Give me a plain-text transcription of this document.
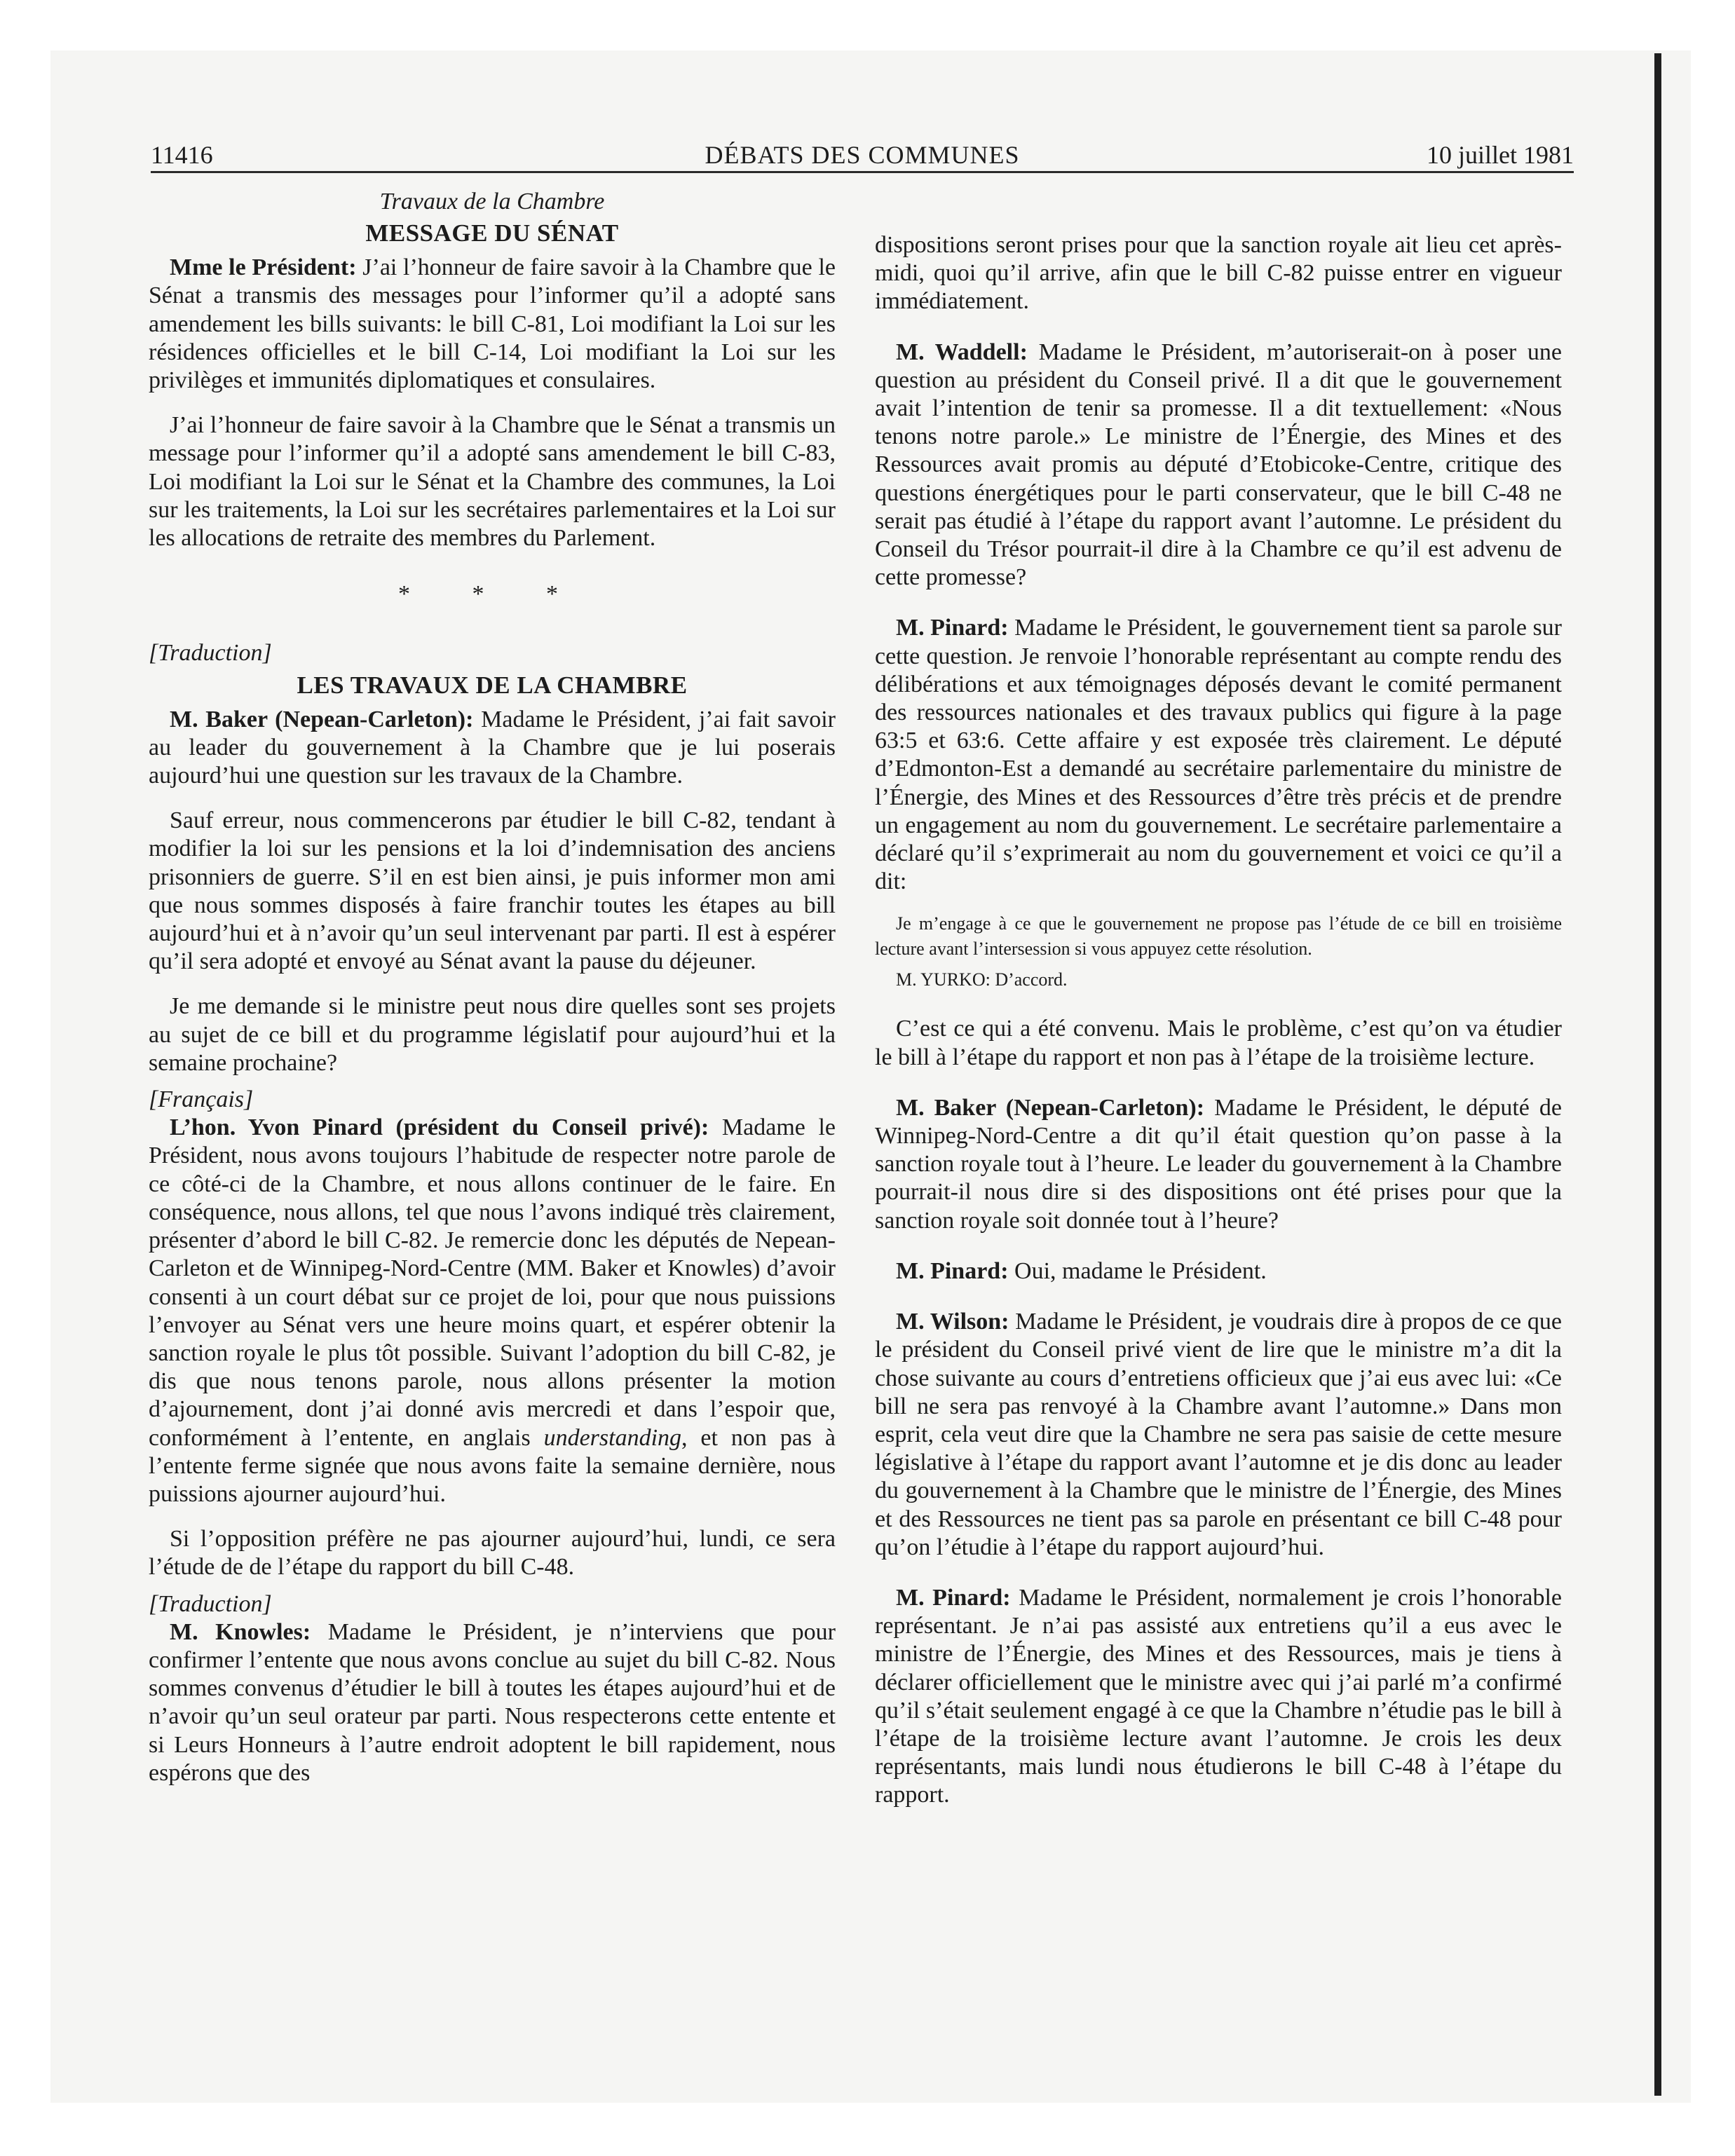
11416	DÉBATS DES COMMUNES	10 juillet 1981

Travaux de la Chambre

MESSAGE DU SÉNAT

Mme le Président: J’ai l’honneur de faire savoir à la Chambre que le Sénat a transmis des messages pour l’informer qu’il a adopté sans amendement les bills suivants: le bill C-81, Loi modifiant la Loi sur les résidences officielles et le bill C-14, Loi modifiant la Loi sur les privilèges et immunités diplomatiques et consulaires.

J’ai l’honneur de faire savoir à la Chambre que le Sénat a transmis un message pour l’informer qu’il a adopté sans amendement le bill C-83, Loi modifiant la Loi sur le Sénat et la Chambre des communes, la Loi sur les traitements, la Loi sur les secrétaires parlementaires et la Loi sur les allocations de retraite des membres du Parlement.

* * *

[Traduction]

LES TRAVAUX DE LA CHAMBRE

M. Baker (Nepean-Carleton): Madame le Président, j’ai fait savoir au leader du gouvernement à la Chambre que je lui poserais aujourd’hui une question sur les travaux de la Chambre.

Sauf erreur, nous commencerons par étudier le bill C-82, tendant à modifier la loi sur les pensions et la loi d’indemnisation des anciens prisonniers de guerre. S’il en est bien ainsi, je puis informer mon ami que nous sommes disposés à faire franchir toutes les étapes au bill aujourd’hui et à n’avoir qu’un seul intervenant par parti. Il est à espérer qu’il sera adopté et envoyé au Sénat avant la pause du déjeuner.

Je me demande si le ministre peut nous dire quelles sont ses projets au sujet de ce bill et du programme législatif pour aujourd’hui et la semaine prochaine?

[Français]

L’hon. Yvon Pinard (président du Conseil privé): Madame le Président, nous avons toujours l’habitude de respecter notre parole de ce côté-ci de la Chambre, et nous allons continuer de le faire. En conséquence, nous allons, tel que nous l’avons indiqué très clairement, présenter d’abord le bill C-82. Je remercie donc les députés de Nepean-Carleton et de Winnipeg-Nord-Centre (MM. Baker et Knowles) d’avoir consenti à un court débat sur ce projet de loi, pour que nous puissions l’envoyer au Sénat vers une heure moins quart, et espérer obtenir la sanction royale le plus tôt possible. Suivant l’adoption du bill C-82, je dis que nous tenons parole, nous allons présenter la motion d’ajournement, dont j’ai donné avis mercredi et dans l’espoir que, conformément à l’entente, en anglais understanding, et non pas à l’entente ferme signée que nous avons faite la semaine dernière, nous puissions ajourner aujourd’hui.

Si l’opposition préfère ne pas ajourner aujourd’hui, lundi, ce sera l’étude de de l’étape du rapport du bill C-48.

[Traduction]

M. Knowles: Madame le Président, je n’interviens que pour confirmer l’entente que nous avons conclue au sujet du bill C-82. Nous sommes convenus d’étudier le bill à toutes les étapes aujourd’hui et de n’avoir qu’un seul orateur par parti. Nous respecterons cette entente et si Leurs Honneurs à l’autre endroit adoptent le bill rapidement, nous espérons que des

dispositions seront prises pour que la sanction royale ait lieu cet après-midi, quoi qu’il arrive, afin que le bill C-82 puisse entrer en vigueur immédiatement.

M. Waddell: Madame le Président, m’autoriserait-on à poser une question au président du Conseil privé. Il a dit que le gouvernement avait l’intention de tenir sa promesse. Il a dit textuellement: «Nous tenons notre parole.» Le ministre de l’Énergie, des Mines et des Ressources avait promis au député d’Etobicoke-Centre, critique des questions énergétiques pour le parti conservateur, que le bill C-48 ne serait pas étudié à l’étape du rapport avant l’automne. Le président du Conseil du Trésor pourrait-il dire à la Chambre ce qu’il est advenu de cette promesse?

M. Pinard: Madame le Président, le gouvernement tient sa parole sur cette question. Je renvoie l’honorable représentant au compte rendu des délibérations et aux témoignages déposés devant le comité permanent des ressources nationales et des travaux publics qui figure à la page 63:5 et 63:6. Cette affaire y est exposée très clairement. Le député d’Edmonton-Est a demandé au secrétaire parlementaire du ministre de l’Énergie, des Mines et des Ressources d’être très précis et de prendre un engagement au nom du gouvernement. Le secrétaire parlementaire a déclaré qu’il s’exprimerait au nom du gouvernement et voici ce qu’il a dit:

Je m’engage à ce que le gouvernement ne propose pas l’étude de ce bill en troisième lecture avant l’intersession si vous appuyez cette résolution.

M. YURKO: D’accord.

C’est ce qui a été convenu. Mais le problème, c’est qu’on va étudier le bill à l’étape du rapport et non pas à l’étape de la troisième lecture.

M. Baker (Nepean-Carleton): Madame le Président, le député de Winnipeg-Nord-Centre a dit qu’il était question qu’on passe à la sanction royale tout à l’heure. Le leader du gouvernement à la Chambre pourrait-il nous dire si des dispositions ont été prises pour que la sanction royale soit donnée tout à l’heure?

M. Pinard: Oui, madame le Président.

M. Wilson: Madame le Président, je voudrais dire à propos de ce que le président du Conseil privé vient de lire que le ministre m’a dit la chose suivante au cours d’entretiens officieux que j’ai eus avec lui: «Ce bill ne sera pas renvoyé à la Chambre avant l’automne.» Dans mon esprit, cela veut dire que la Chambre ne sera pas saisie de cette mesure législative à l’étape du rapport avant l’automne et je dis donc au leader du gouvernement à la Chambre que le ministre de l’Énergie, des Mines et des Ressources ne tient pas sa parole en présentant ce bill C-48 pour qu’on l’étudie à l’étape du rapport aujourd’hui.

M. Pinard: Madame le Président, normalement je crois l’honorable représentant. Je n’ai pas assisté aux entretiens qu’il a eus avec le ministre de l’Énergie, des Mines et des Ressources, mais je tiens à déclarer officiellement que le ministre avec qui j’ai parlé m’a confirmé qu’il s’était seulement engagé à ce que la Chambre n’étudie pas le bill à l’étape de la troisième lecture avant l’automne. Je crois les deux représentants, mais lundi nous étudierons le bill C-48 à l’étape du rapport.
